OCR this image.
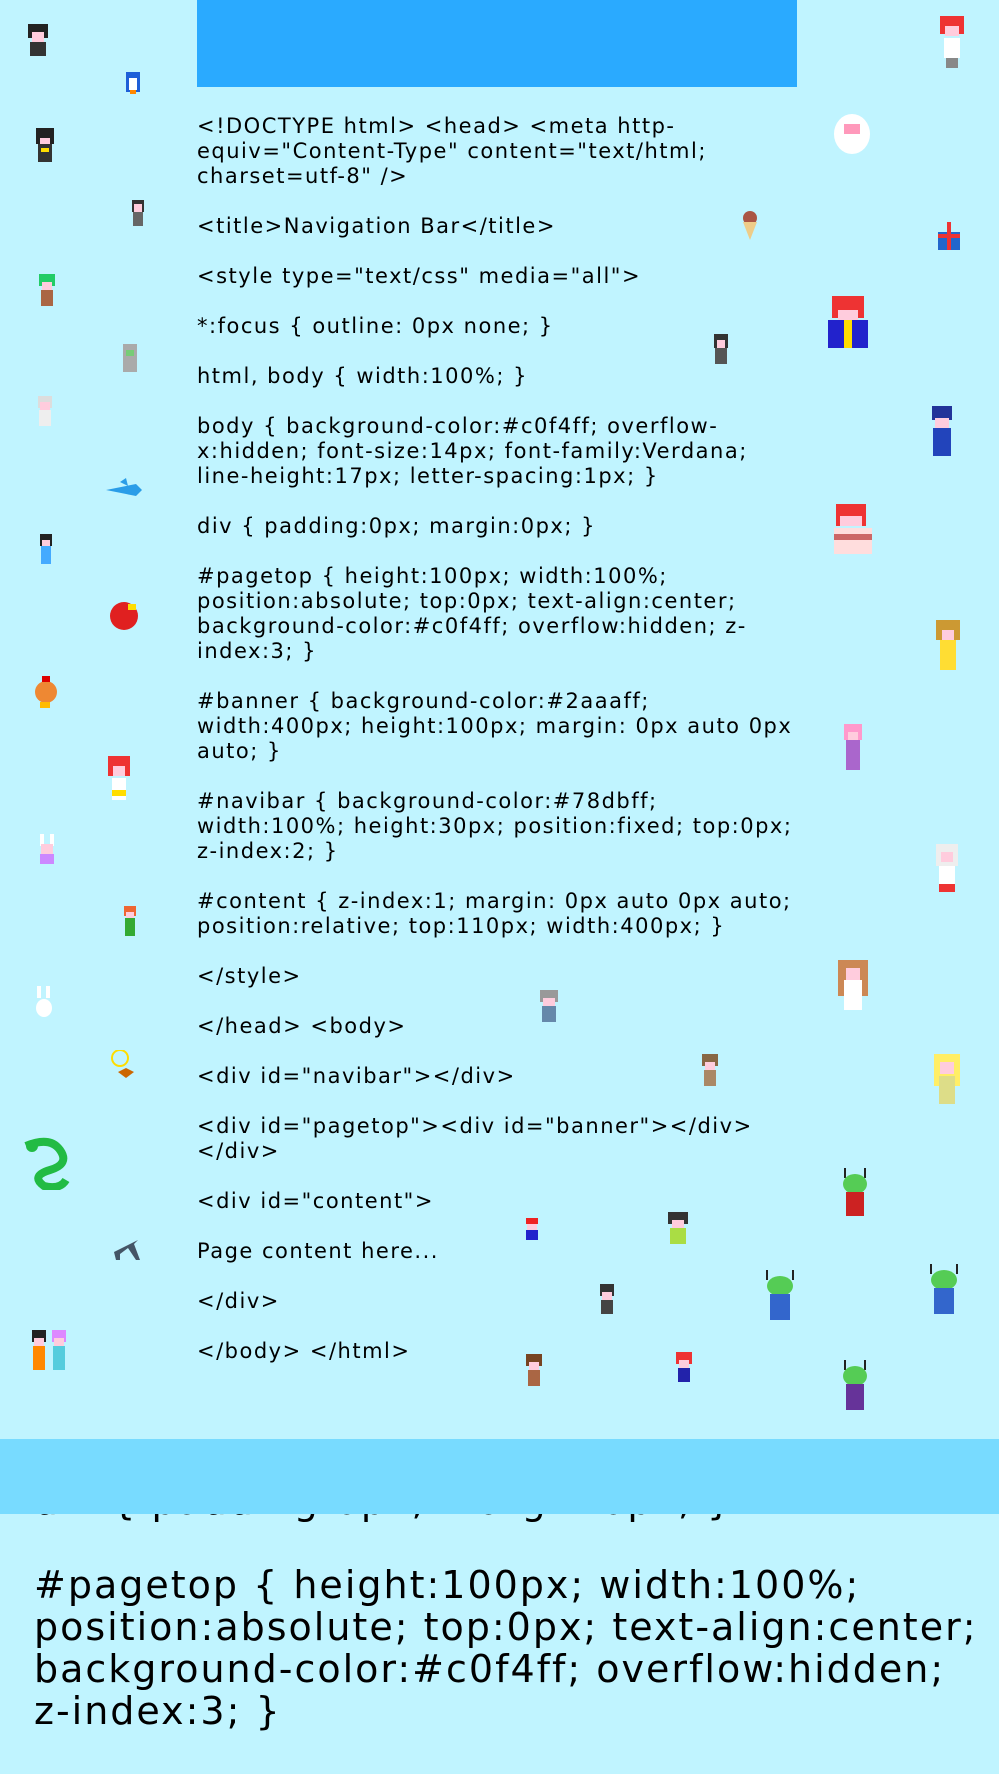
<!DOCTYPE html> <head> <meta http-equiv="Content-Type" content="text/html; charset=utf-8" />

<title>Navigation Bar</title>

<style type="text/css" media="all">

*:focus { outline: 0px none; }

html, body { width:100%; }

body { background-color:#c0f4ff; overflow-x:hidden; font-size:14px; font-family:Verdana; line-height:17px; letter-spacing:1px; }

div { padding:0px; margin:0px; }

#pagetop { height:100px; width:100%; position:absolute; top:0px; text-align:center; background-color:#c0f4ff; overflow:hidden; z-index:3; }

#banner { background-color:#2aaaff; width:400px; height:100px; margin: 0px auto 0px auto; }

#navibar { background-color:#78dbff; width:100%; height:30px; position:fixed; top:0px; z-index:2; }

#content { z-index:1; margin: 0px auto 0px auto; position:relative; top:110px; width:400px; }

</style>

</head> <body>

<div id="navibar"></div>

<div id="pagetop"><div id="banner"></div></div>

<div id="content">

Page content here...

</div>

</body> </html>

#pagetop { height:100px; width:100%; position:absolute; top:0px; text-align:center; background-color:#c0f4ff; overflow:hidden; z-index:3; }
